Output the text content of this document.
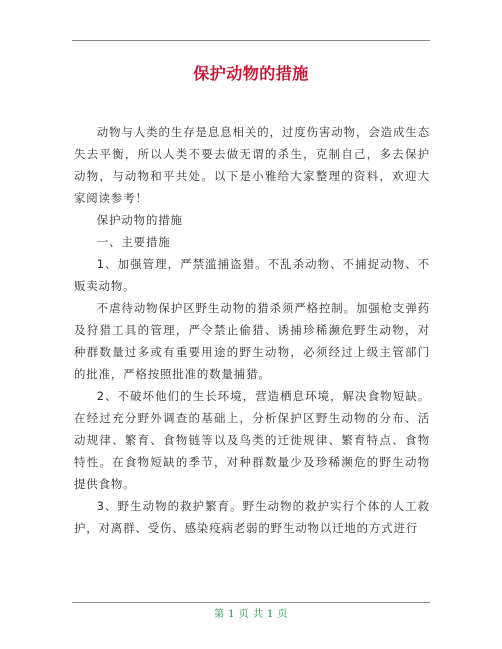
保护动物的措施

动物与人类的生存是息息相关的，过度伤害动物，会造成生态失去平衡，所以人类不要去做无谓的杀生，克制自己，多去保护动物，与动物和平共处。以下是小雅给大家整理的资料，欢迎大家阅读参考！

保护动物的措施

一、主要措施

1、加强管理，严禁滥捕盗猎。不乱杀动物、不捕捉动物、不贩卖动物。

不虐待动物保护区野生动物的猎杀须严格控制。加强枪支弹药及狩猎工具的管理，严令禁止偷猎、诱捕珍稀濒危野生动物，对种群数量过多或有重要用途的野生动物，必须经过上级主管部门的批准，严格按照批准的数量捕猎。

2、不破坏他们的生长环境，营造栖息环境，解决食物短缺。在经过充分野外调查的基础上，分析保护区野生动物的分布、活动规律、繁育、食物链等以及鸟类的迁徙规律、繁育特点、食物特性。在食物短缺的季节，对种群数量少及珍稀濒危的野生动物提供食物。

3、野生动物的救护繁育。野生动物的救护实行个体的人工救护，对离群、受伤、感染疫病老弱的野生动物以迁地的方式进行

第 1 页 共 1 页
